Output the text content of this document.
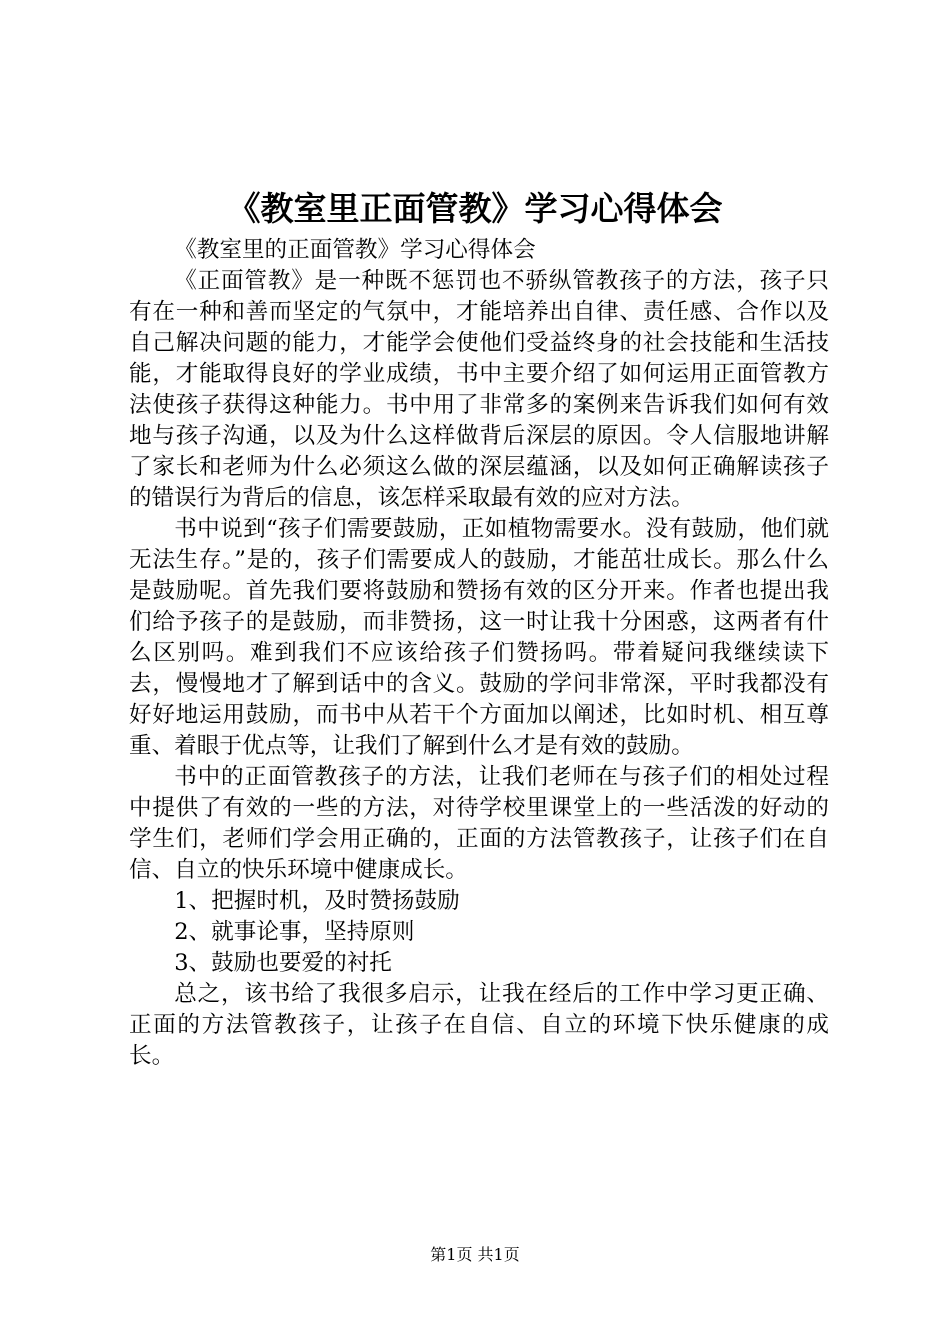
《教室里正面管教》学习心得体会

《教室里的正面管教》学习心得体会

《正面管教》是一种既不惩罚也不骄纵管教孩子的方法，孩子只有在一种和善而坚定的气氛中，才能培养出自律、责任感、合作以及自己解决问题的能力，才能学会使他们受益终身的社会技能和生活技能，才能取得良好的学业成绩，书中主要介绍了如何运用正面管教方法使孩子获得这种能力。书中用了非常多的案例来告诉我们如何有效地与孩子沟通，以及为什么这样做背后深层的原因。令人信服地讲解了家长和老师为什么必须这么做的深层蕴涵，以及如何正确解读孩子的错误行为背后的信息，该怎样采取最有效的应对方法。

书中说到“孩子们需要鼓励，正如植物需要水。没有鼓励，他们就无法生存。”是的，孩子们需要成人的鼓励，才能茁壮成长。那么什么是鼓励呢。首先我们要将鼓励和赞扬有效的区分开来。作者也提出我们给予孩子的是鼓励，而非赞扬，这一时让我十分困惑，这两者有什么区别吗。难到我们不应该给孩子们赞扬吗。带着疑问我继续读下去，慢慢地才了解到话中的含义。鼓励的学问非常深，平时我都没有好好地运用鼓励，而书中从若干个方面加以阐述，比如时机、相互尊重、着眼于优点等，让我们了解到什么才是有效的鼓励。

书中的正面管教孩子的方法，让我们老师在与孩子们的相处过程中提供了有效的一些的方法，对待学校里课堂上的一些活泼的好动的学生们，老师们学会用正确的，正面的方法管教孩子，让孩子们在自信、自立的快乐环境中健康成长。

1、把握时机，及时赞扬鼓励

2、就事论事，坚持原则

3、鼓励也要爱的衬托

总之，该书给了我很多启示，让我在经后的工作中学习更正确、正面的方法管教孩子，让孩子在自信、自立的环境下快乐健康的成长。

第1页 共1页
